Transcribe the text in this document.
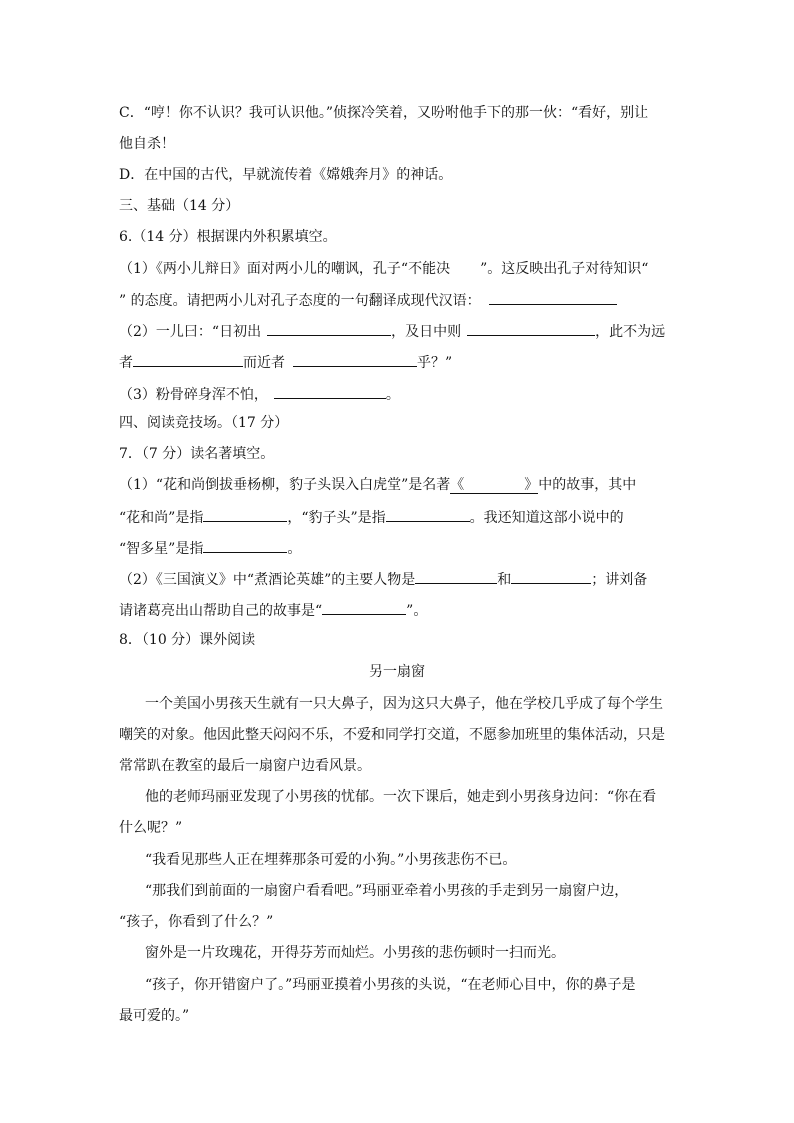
C．“哼！你不认识？我可认识他。”侦探冷笑着，又吩咐他手下的那一伙：“看好，别让
他自杀！
D．在中国的古代，早就流传着《嫦娥奔月》的神话。
三、基础（14 分）
6.（14 分）根据课内外积累填空。
（1）《两小儿辩日》面对两小儿的嘲讽，孔子“不能决 ”。这反映出孔子对待知识“
” 的态度。请把两小儿对孔子态度的一句翻译成现代汉语：
（2）一儿曰：“日初出	，及日中则	，此不为远
者	而近者	乎？”
（3）粉骨碎身浑不怕，	。
四、阅读竞技场。（17 分）
7．（7 分）读名著填空。
（1）“花和尚倒拔垂杨柳，豹子头误入白虎堂”是名著《	》中的故事，其中
“花和尚”是指	，“豹子头”是指	。我还知道这部小说中的
“智多星”是指	。
（2）《三国演义》中“煮酒论英雄”的主要人物是	和	；讲刘备
请诸葛亮出山帮助自己的故事是“	”。
8．（10 分）课外阅读
另一扇窗
一个美国小男孩天生就有一只大鼻子，因为这只大鼻子，他在学校几乎成了每个学生
嘲笑的对象。他因此整天闷闷不乐，不爱和同学打交道，不愿参加班里的集体活动，只是
常常趴在教室的最后一扇窗户边看风景。
他的老师玛丽亚发现了小男孩的忧郁。一次下课后，她走到小男孩身边问：“你在看
什么呢？”
“我看见那些人正在埋葬那条可爱的小狗。”小男孩悲伤不已。
“那我们到前面的一扇窗户看看吧。”玛丽亚牵着小男孩的手走到另一扇窗户边，
“孩子，你看到了什么？”
窗外是一片玫瑰花，开得芬芳而灿烂。小男孩的悲伤顿时一扫而光。
“孩子，你开错窗户了。”玛丽亚摸着小男孩的头说，“在老师心目中，你的鼻子是
最可爱的。”
